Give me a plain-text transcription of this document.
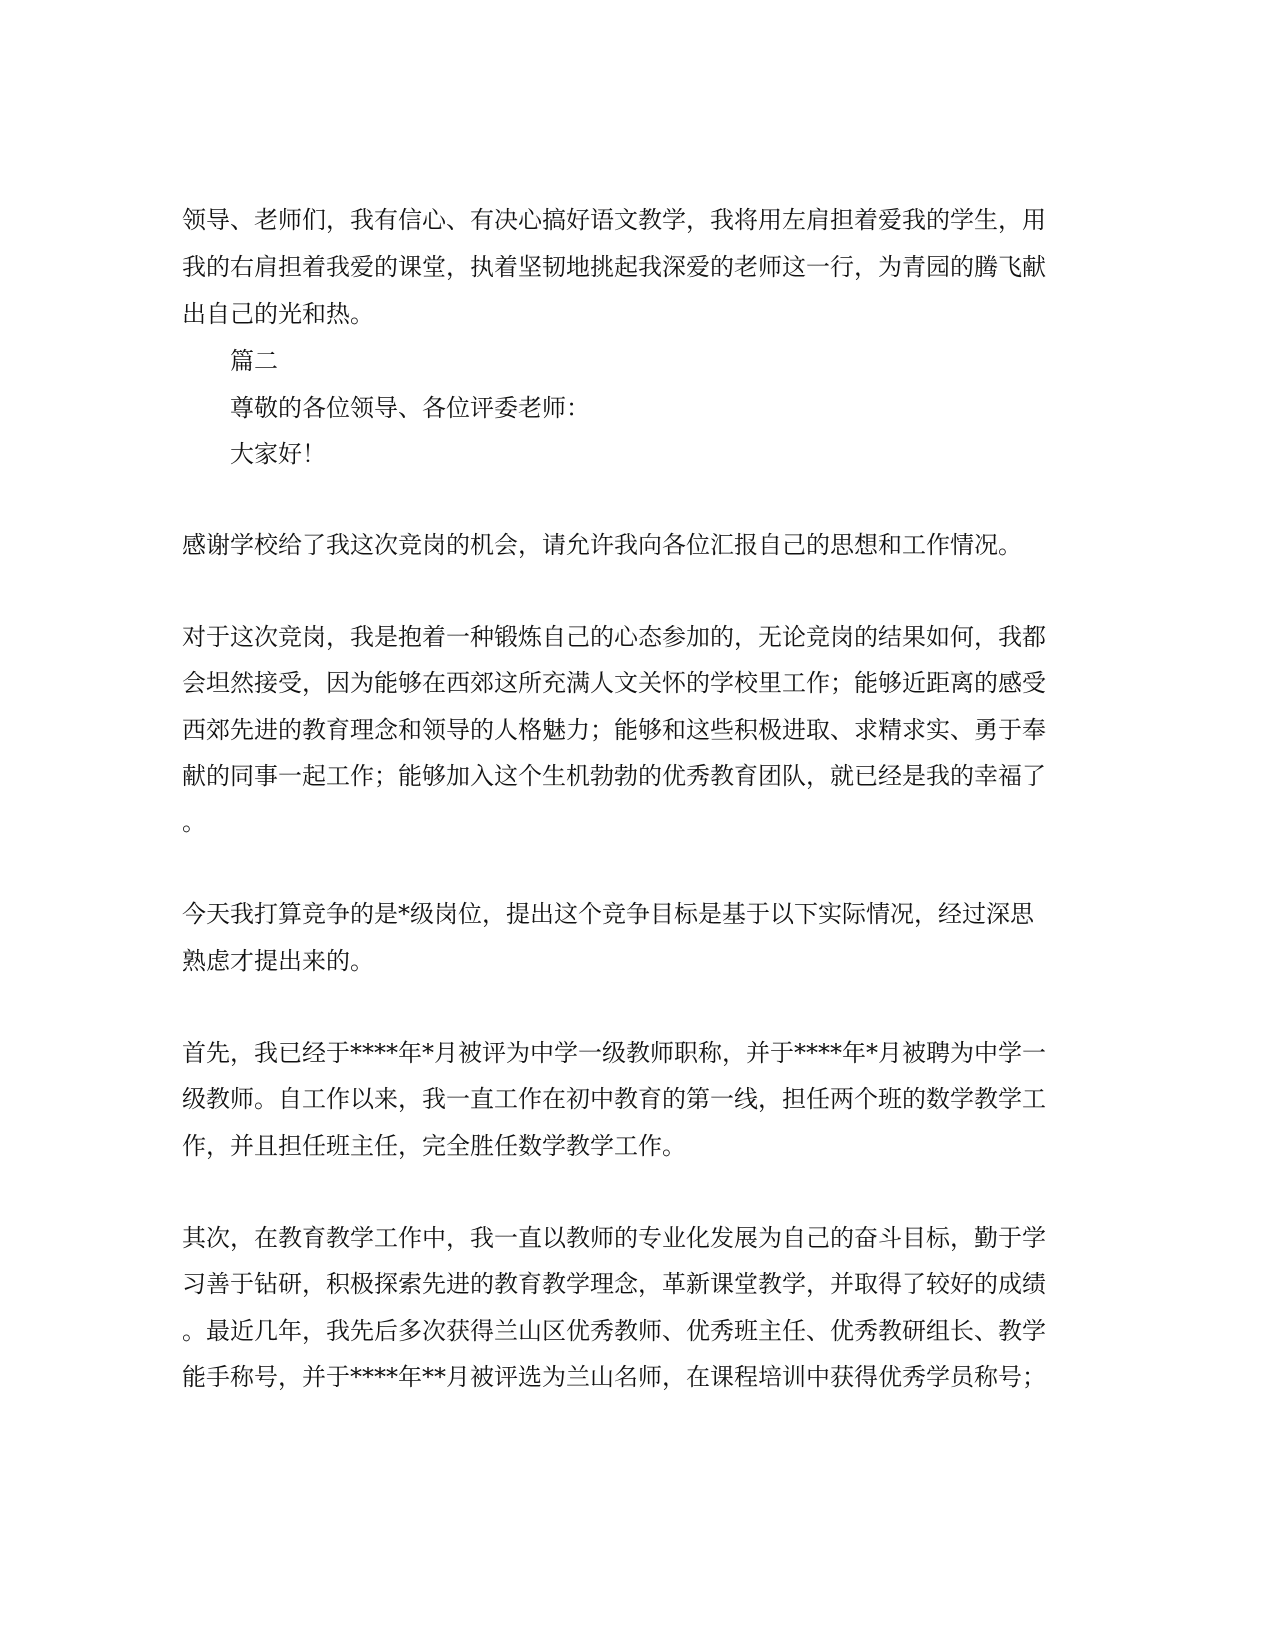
领导、老师们，我有信心、有决心搞好语文教学，我将用左肩担着爱我的学生，用
我的右肩担着我爱的课堂，执着坚韧地挑起我深爱的老师这一行，为青园的腾飞献
出自己的光和热。
篇二
尊敬的各位领导、各位评委老师：
大家好！
感谢学校给了我这次竞岗的机会，请允许我向各位汇报自己的思想和工作情况。
对于这次竞岗，我是抱着一种锻炼自己的心态参加的，无论竞岗的结果如何，我都
会坦然接受，因为能够在西郊这所充满人文关怀的学校里工作；能够近距离的感受
西郊先进的教育理念和领导的人格魅力；能够和这些积极进取、求精求实、勇于奉
献的同事一起工作；能够加入这个生机勃勃的优秀教育团队，就已经是我的幸福了
。
今天我打算竞争的是*级岗位，提出这个竞争目标是基于以下实际情况，经过深思
熟虑才提出来的。
首先，我已经于****年*月被评为中学一级教师职称，并于****年*月被聘为中学一
级教师。自工作以来，我一直工作在初中教育的第一线，担任两个班的数学教学工
作，并且担任班主任，完全胜任数学教学工作。
其次，在教育教学工作中，我一直以教师的专业化发展为自己的奋斗目标，勤于学
习善于钻研，积极探索先进的教育教学理念，革新课堂教学，并取得了较好的成绩
。最近几年，我先后多次获得兰山区优秀教师、优秀班主任、优秀教研组长、教学
能手称号，并于****年**月被评选为兰山名师，在课程培训中获得优秀学员称号；
